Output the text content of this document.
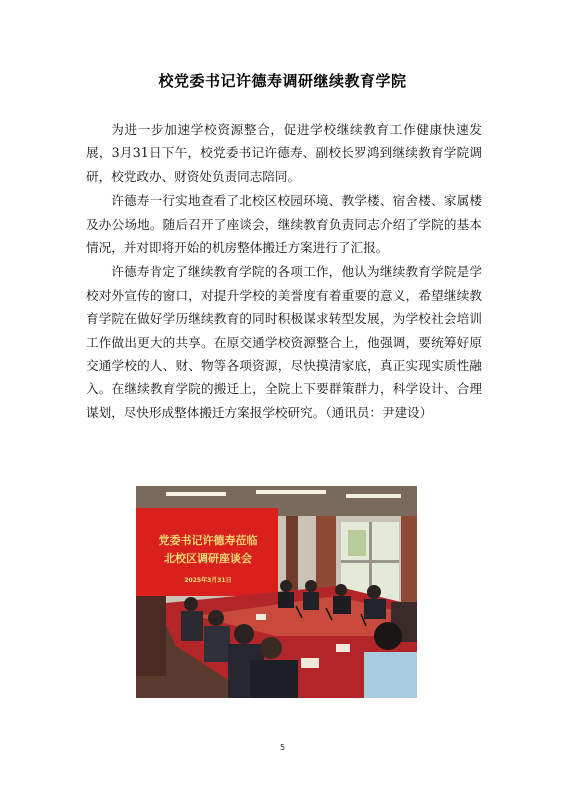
校党委书记许德寿调研继续教育学院

为进一步加速学校资源整合，促进学校继续教育工作健康快速发展，3月31日下午，校党委书记许德寿、副校长罗鸿到继续教育学院调研，校党政办、财资处负责同志陪同。

许德寿一行实地查看了北校区校园环境、教学楼、宿舍楼、家属楼及办公场地。随后召开了座谈会，继续教育负责同志介绍了学院的基本情况，并对即将开始的机房整体搬迁方案进行了汇报。

许德寿肯定了继续教育学院的各项工作，他认为继续教育学院是学校对外宣传的窗口，对提升学校的美誉度有着重要的意义，希望继续教育学院在做好学历继续教育的同时积极谋求转型发展，为学校社会培训工作做出更大的共享。在原交通学校资源整合上，他强调，要统筹好原交通学校的人、财、物等各项资源，尽快摸清家底，真正实现实质性融入。在继续教育学院的搬迁上，全院上下要群策群力，科学设计、合理谋划，尽快形成整体搬迁方案报学校研究。（通讯员：尹建设）

党委书记许德寿莅临
北校区调研座谈会
2025年3月31日
5
